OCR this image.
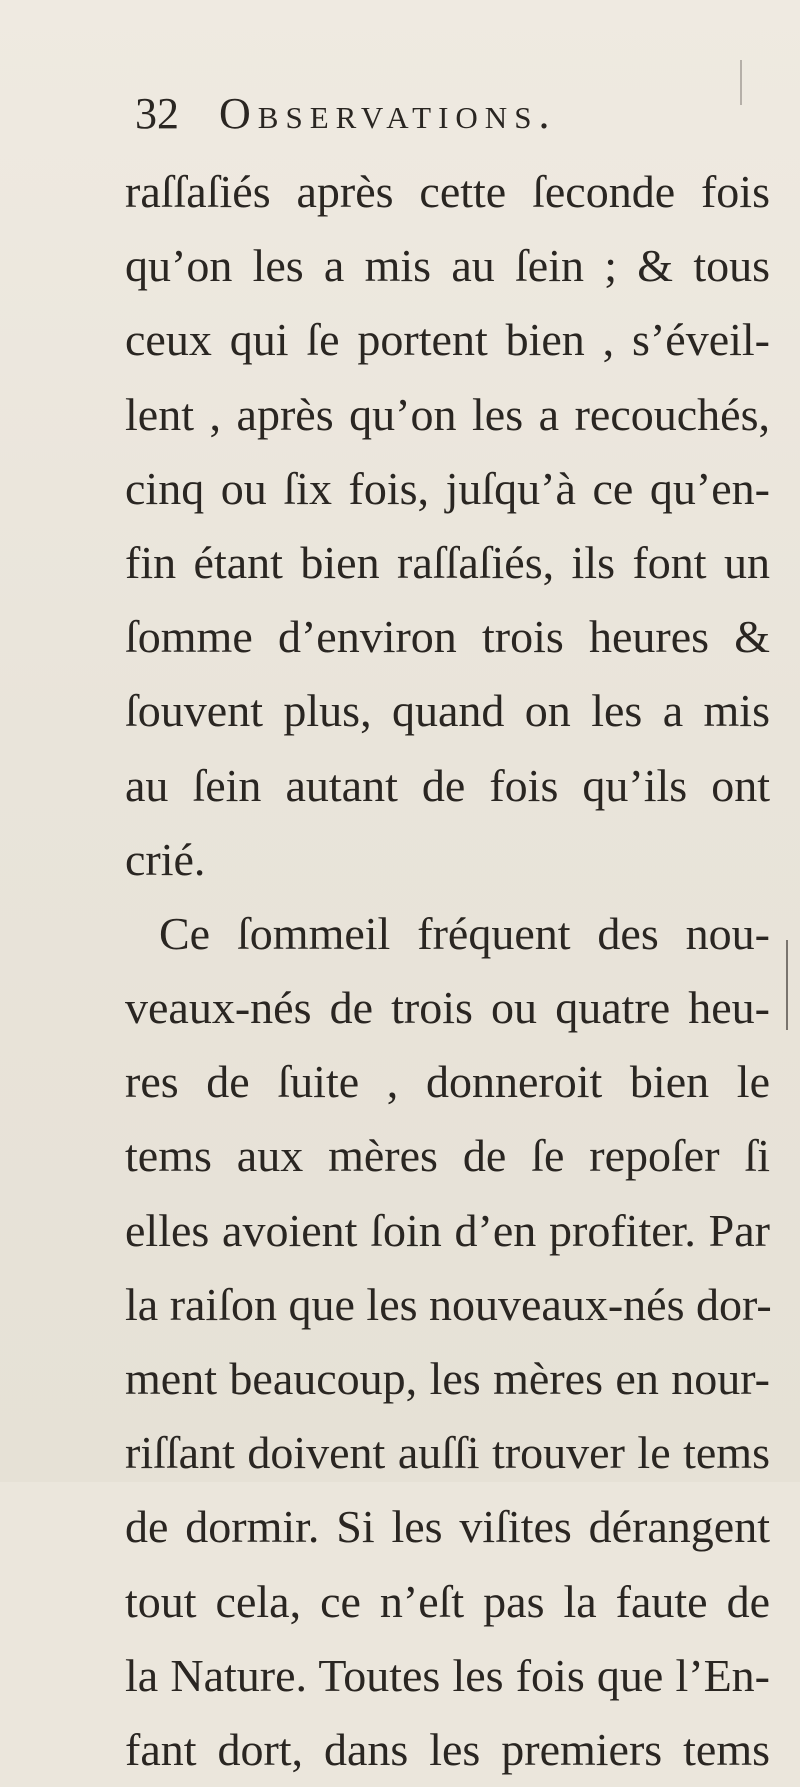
32 Observations.
raſſaſiés après cette ſeconde fois
qu’on les a mis au ſein ; & tous
ceux qui ſe portent bien , s’éveil-
lent , après qu’on les a recouchés,
cinq ou ſix fois, juſqu’à ce qu’en-
fin étant bien raſſaſiés, ils font un
ſomme d’environ trois heures &
ſouvent plus, quand on les a mis
au ſein autant de fois qu’ils ont
crié.
Ce ſommeil fréquent des nou-
veaux-nés de trois ou quatre heu-
res de ſuite , donneroit bien le
tems aux mères de ſe repoſer ſi
elles avoient ſoin d’en profiter. Par
la raiſon que les nouveaux-nés dor-
ment beaucoup, les mères en nour-
riſſant doivent auſſi trouver le tems
de dormir. Si les viſites dérangent
tout cela, ce n’eſt pas la faute de
la Nature. Toutes les fois que l’En-
fant dort, dans les premiers tems
